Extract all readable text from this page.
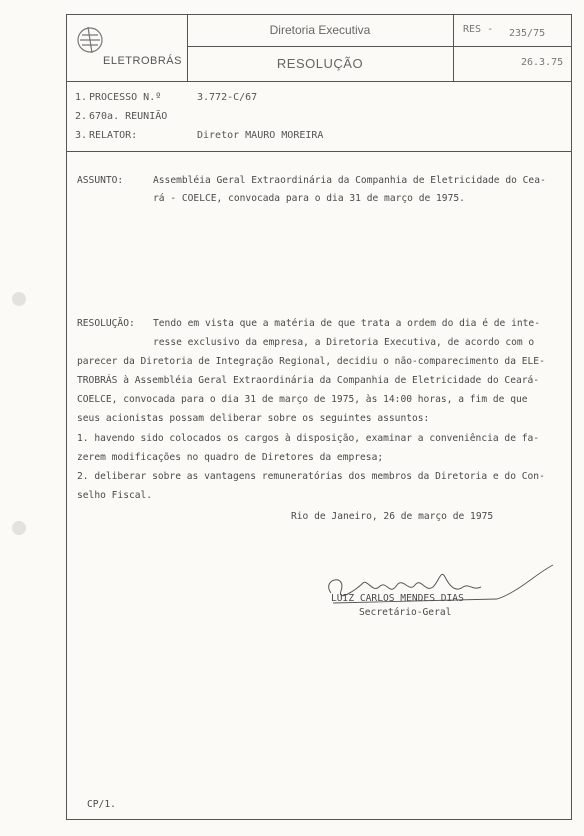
ELETROBRÁS
Diretoria Executiva
RESOLUÇÃO
RES - 235/75
26.3.75
1. PROCESSO N.º	3.772-C/67
2. 670a. REUNIÃO
3. RELATOR:	Diretor MAURO MOREIRA
ASSUNTO:	Assembléia Geral Extraordinária da Companhia de Eletricidade do Cea-
rá - COELCE, convocada para o dia 31 de março de 1975.
RESOLUÇÃO: Tendo em vista que a matéria de que trata a ordem do dia é de inte-
resse exclusivo da empresa, a Diretoria Executiva, de acordo com o
parecer da Diretoria de Integração Regional, decidiu o não-comparecimento da ELE-
TROBRÁS à Assembléia Geral Extraordinária da Companhia de Eletricidade do Ceará-
COELCE, convocada para o dia 31 de março de 1975, às 14:00 horas, a fim de que
seus acionistas possam deliberar sobre os seguintes assuntos:
1. havendo sido colocados os cargos à disposição, examinar a conveniência de fa-
zerem modificações no quadro de Diretores da empresa;
2. deliberar sobre as vantagens remuneratórias dos membros da Diretoria e do Con-
selho Fiscal.
Rio de Janeiro, 26 de março de 1975
LUIZ CARLOS MENDES DIAS
Secretário-Geral
CP/1.
